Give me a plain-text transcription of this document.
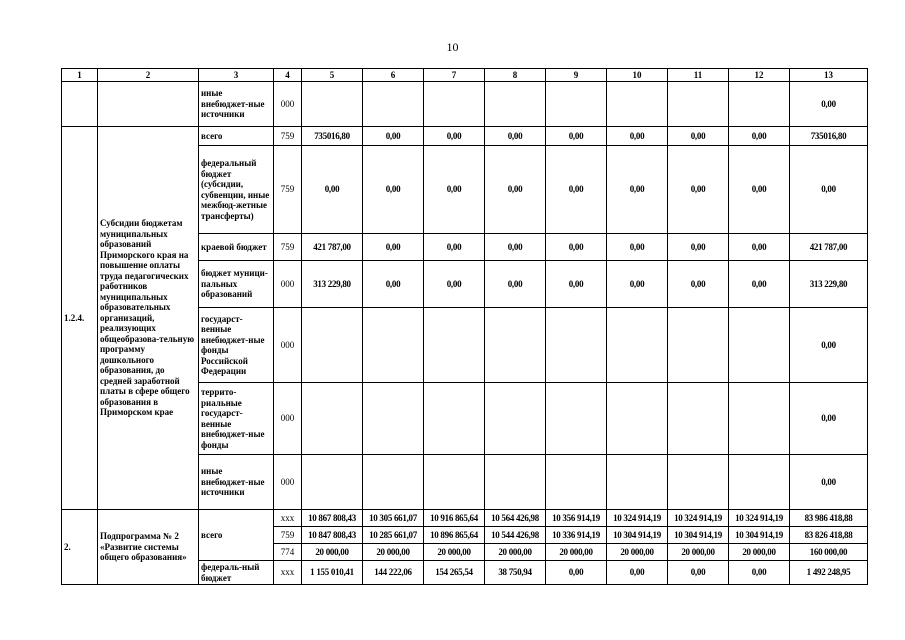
10
1	2	3	4	5	6	7	8	9	10	11	12	13
		иные внебюджет-ные источники	000									0,00
1.2.4.	Субсидии бюджетам муниципальных образований Приморского края на повышение оплаты труда педагогических работников муниципальных образовательных организаций, реализующих общеобразова-тельную программу дошкольного образования, до средней заработной платы в сфере общего образования в Приморском крае	всего	759	735016,80	0,00	0,00	0,00	0,00	0,00	0,00	0,00	735016,80
		федеральный бюджет (субсидии, субвенции, иные межбюд-жетные трансферты)	759	0,00	0,00	0,00	0,00	0,00	0,00	0,00	0,00	0,00
		краевой бюджет	759	421 787,00	0,00	0,00	0,00	0,00	0,00	0,00	0,00	421 787,00
		бюджет муници-пальных образований	000	313 229,80	0,00	0,00	0,00	0,00	0,00	0,00	0,00	313 229,80
		государст-венные внебюджет-ные фонды Российской Федерации	000									0,00
		террито-риальные государст-венные внебюджет-ные фонды	000									0,00
		иные внебюджет-ные источники	000									0,00
2.	Подпрограмма № 2 «Развитие системы общего образования»	всего	ххх	10 867 808,43	10 305 661,07	10 916 865,64	10 564 426,98	10 356 914,19	10 324 914,19	10 324 914,19	10 324 914,19	83 986 418,88
			759	10 847 808,43	10 285 661,07	10 896 865,64	10 544 426,98	10 336 914,19	10 304 914,19	10 304 914,19	10 304 914,19	83 826 418,88
			774	20 000,00	20 000,00	20 000,00	20 000,00	20 000,00	20 000,00	20 000,00	20 000,00	160 000,00
		федераль-ный бюджет	ххх	1 155 010,41	144 222,06	154 265,54	38 750,94	0,00	0,00	0,00	0,00	1 492 248,95
